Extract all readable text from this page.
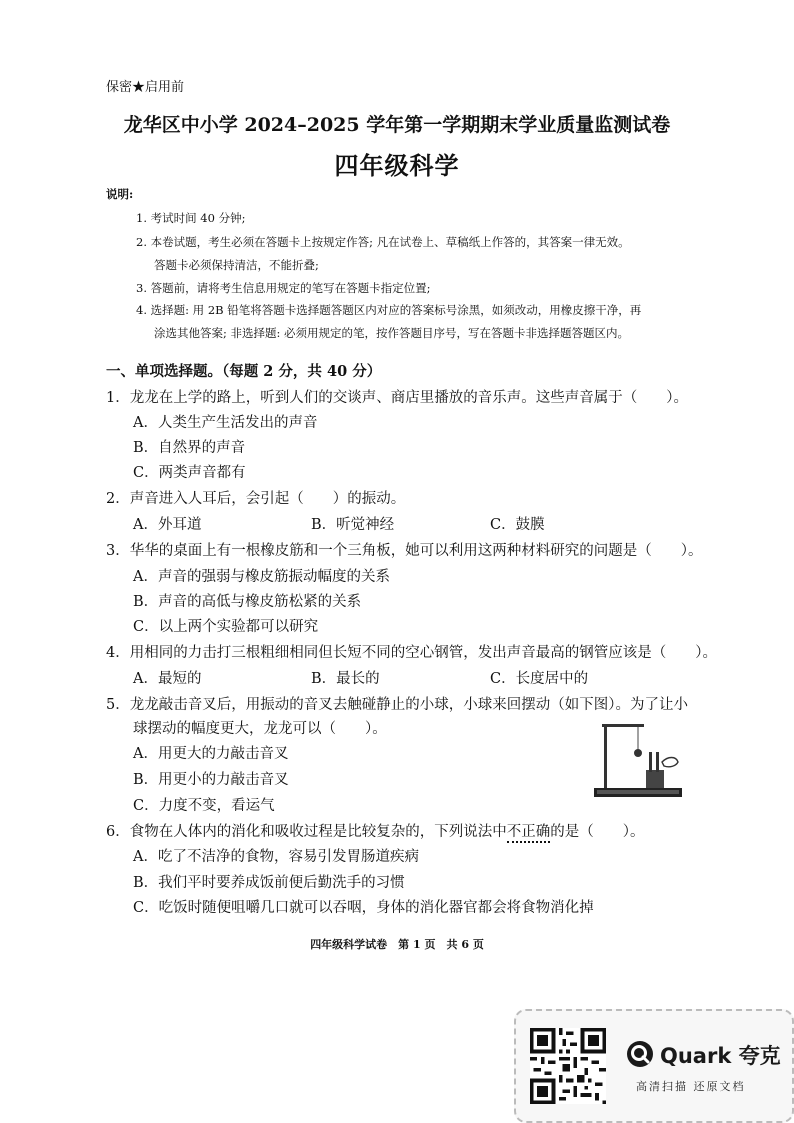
保密★启用前
龙华区中小学 2024–2025 学年第一学期期末学业质量监测试卷
四年级科学
说明:
1. 考试时间 40 分钟;
2. 本卷试题，考生必须在答题卡上按规定作答; 凡在试卷上、草稿纸上作答的，其答案一律无效。
答题卡必须保持清洁，不能折叠;
3. 答题前，请将考生信息用规定的笔写在答题卡指定位置;
4. 选择题: 用 2B 铅笔将答题卡选择题答题区内对应的答案标号涂黑，如须改动，用橡皮擦干净，再
涂选其他答案; 非选择题: 必须用规定的笔，按作答题目序号，写在答题卡非选择题答题区内。
一、单项选择题。（每题 2 分，共 40 分）
1．龙龙在上学的路上，听到人们的交谈声、商店里播放的音乐声。这些声音属于（　　）。
A．人类生产生活发出的声音
B．自然界的声音
C．两类声音都有
2．声音进入人耳后，会引起（　　）的振动。
A．外耳道	B．听觉神经	C．鼓膜
3．华华的桌面上有一根橡皮筋和一个三角板，她可以利用这两种材料研究的问题是（　　）。
A．声音的强弱与橡皮筋振动幅度的关系
B．声音的高低与橡皮筋松紧的关系
C．以上两个实验都可以研究
4．用相同的力击打三根粗细相同但长短不同的空心钢管，发出声音最高的钢管应该是（　　）。
A．最短的	B．最长的	C．长度居中的
5．龙龙敲击音叉后，用振动的音叉去触碰静止的小球，小球来回摆动（如下图）。为了让小
球摆动的幅度更大，龙龙可以（　　）。
A．用更大的力敲击音叉
B．用更小的力敲击音叉
C．力度不变，看运气
6．食物在人体内的消化和吸收过程是比较复杂的，下列说法中不正确的是（　　）。
A．吃了不洁净的食物，容易引发胃肠道疾病
B．我们平时要养成饭前便后勤洗手的习惯
C．吃饭时随便咀嚼几口就可以吞咽，身体的消化器官都会将食物消化掉
四年级科学试卷　第 1 页　共 6 页
Quark 夸克
高清扫描 还原文档
